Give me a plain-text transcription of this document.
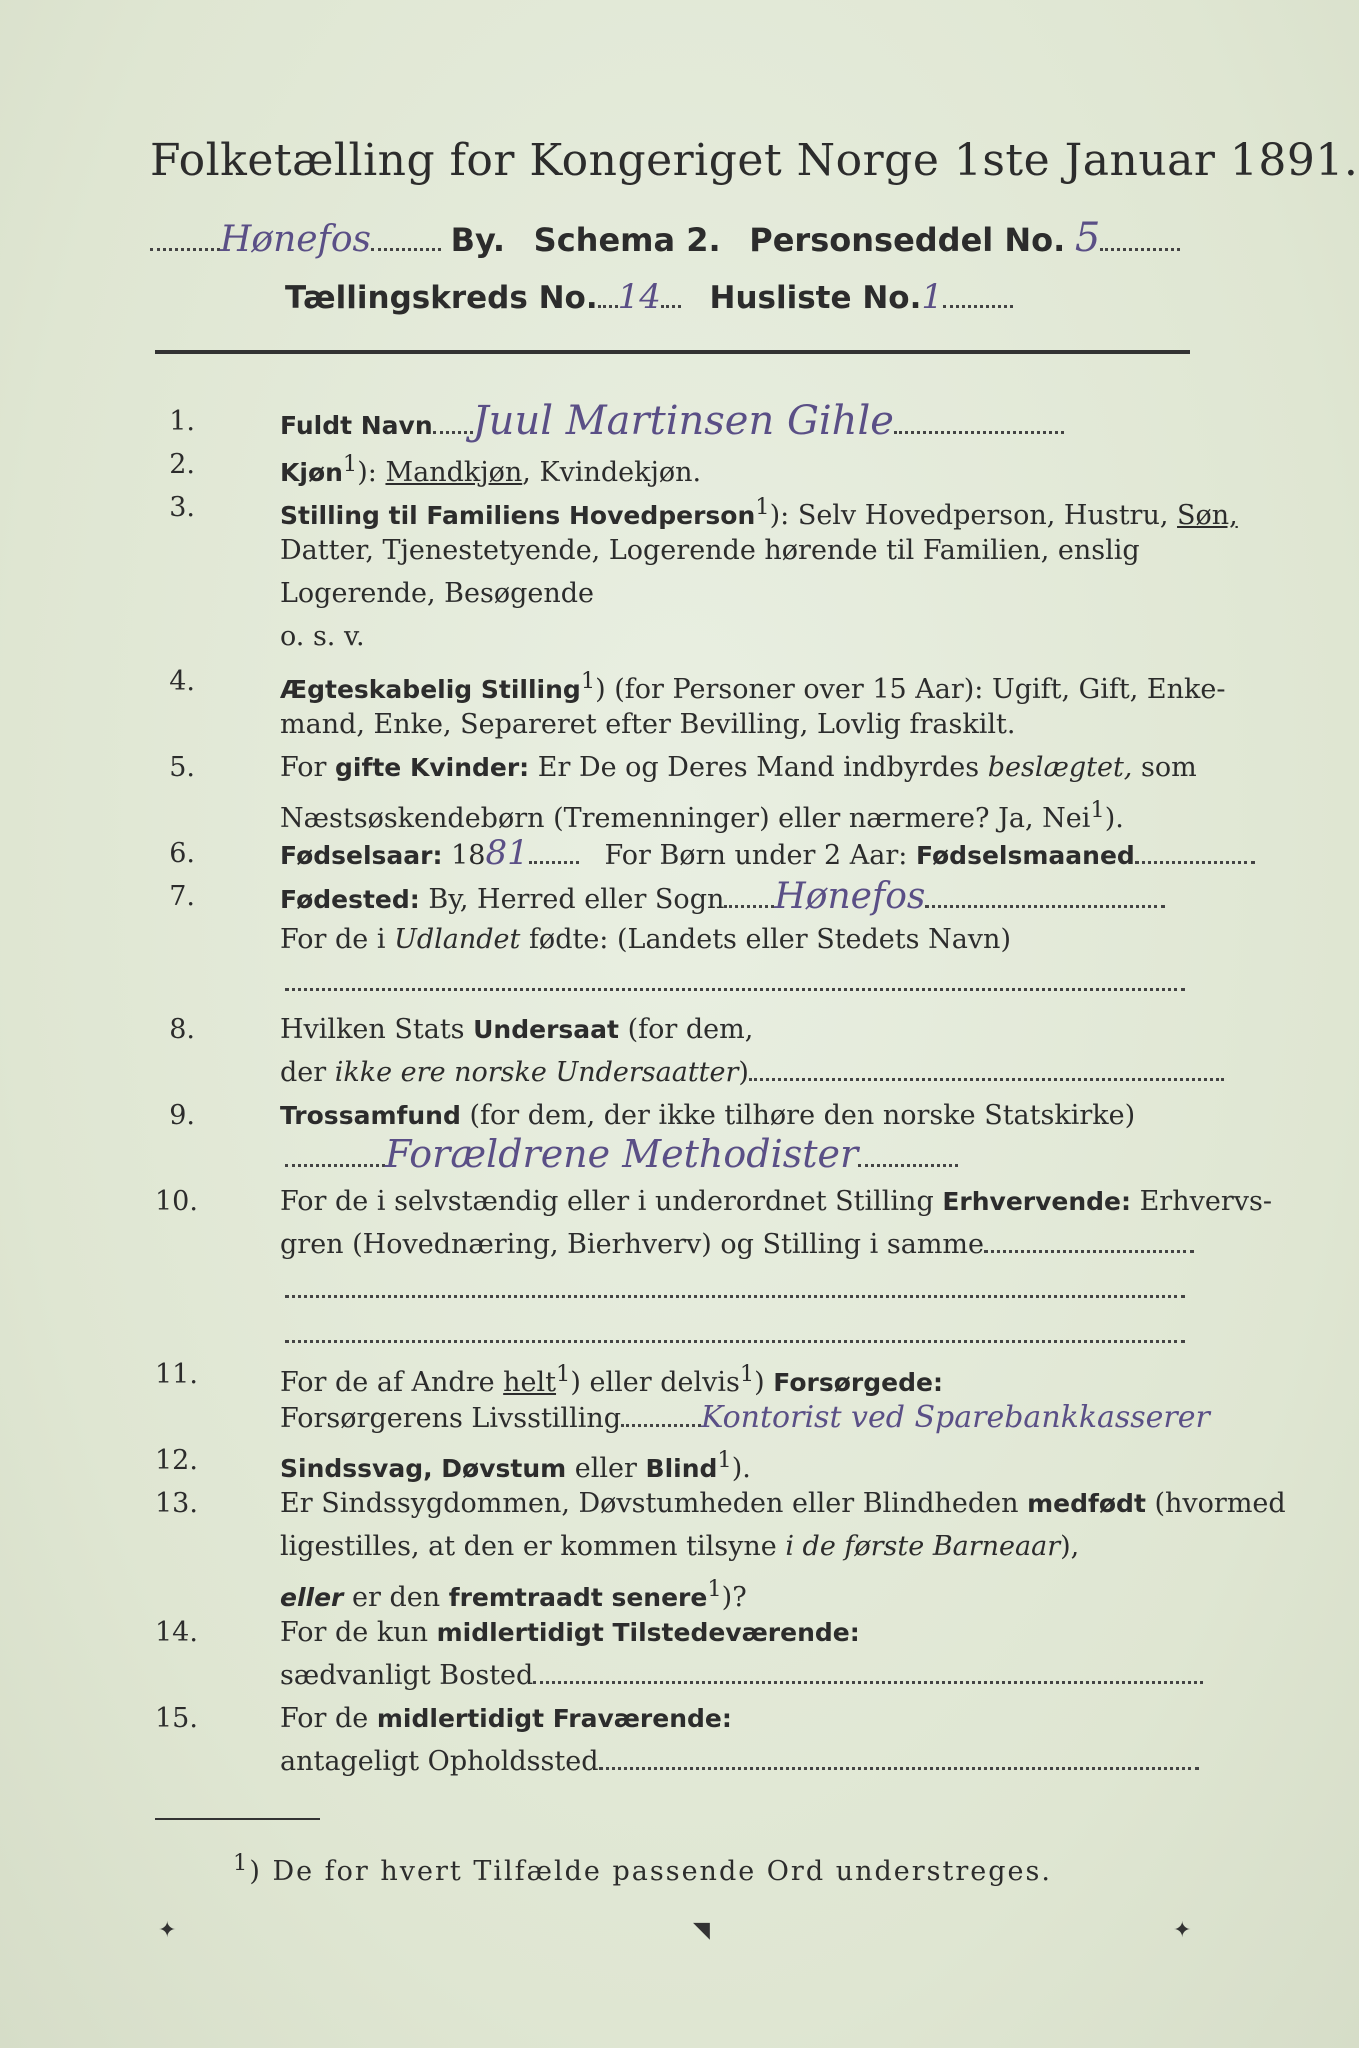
Folketælling for Kongeriget Norge 1ste Januar 1891.
Hønefos By. Schema 2. Personseddel No. 5
Tællingskreds No. 14 Husliste No.1
1.	Fuldt Navn Juul Martinsen Gihle
2.	Kjøn$^1$): Mandkjøn, Kvindekjøn.
3.	Stilling til Familiens Hovedperson$^1$): Selv Hovedperson, Hustru, Søn,
Datter, Tjenestetyende, Logerende hørende til Familien, enslig
Logerende, Besøgende
o. s. v.
4.	Ægteskabelig Stilling$^1$) (for Personer over 15 Aar): Ugift, Gift, Enke-
mand, Enke, Separeret efter Bevilling, Lovlig fraskilt.
5.	For gifte Kvinder: Er De og Deres Mand indbyrdes beslægtet, som
Næstsøskendebørn (Tremenninger) eller nærmere? Ja, Nei$^1$).
6.	Fødselsaar: 1881	For Børn under 2 Aar: Fødselsmaaned
7.	Fødested: By, Herred eller Sogn Hønefos
For de i Udlandet fødte: (Landets eller Stedets Navn)
8.	Hvilken Stats Undersaat (for dem,
der ikke ere norske Undersaatter)
9.	Trossamfund (for dem, der ikke tilhøre den norske Statskirke)
Forældrene Methodister
10.	For de i selvstændig eller i underordnet Stilling Erhvervende: Erhvervs-
gren (Hovednæring, Bierhverv) og Stilling i samme
11.	For de af Andre helt$^1$) eller delvis$^1$) Forsørgede:
Forsørgerens Livsstilling	Kontorist ved Sparebankkasserer
12.	Sindssvag, Døvstum eller Blind$^1$).
13.	Er Sindssygdommen, Døvstumheden eller Blindheden medfødt (hvormed
ligestilles, at den er kommen tilsyne i de første Barneaar),
eller er den fremtraadt senere$^1$)?
14.	For de kun midlertidigt Tilstedeværende:
sædvanligt Bosted
15.	For de midlertidigt Fraværende:
antageligt Opholdssted
$^1$) De for hvert Tilfælde passende Ord understreges.
✦	◥	✦
